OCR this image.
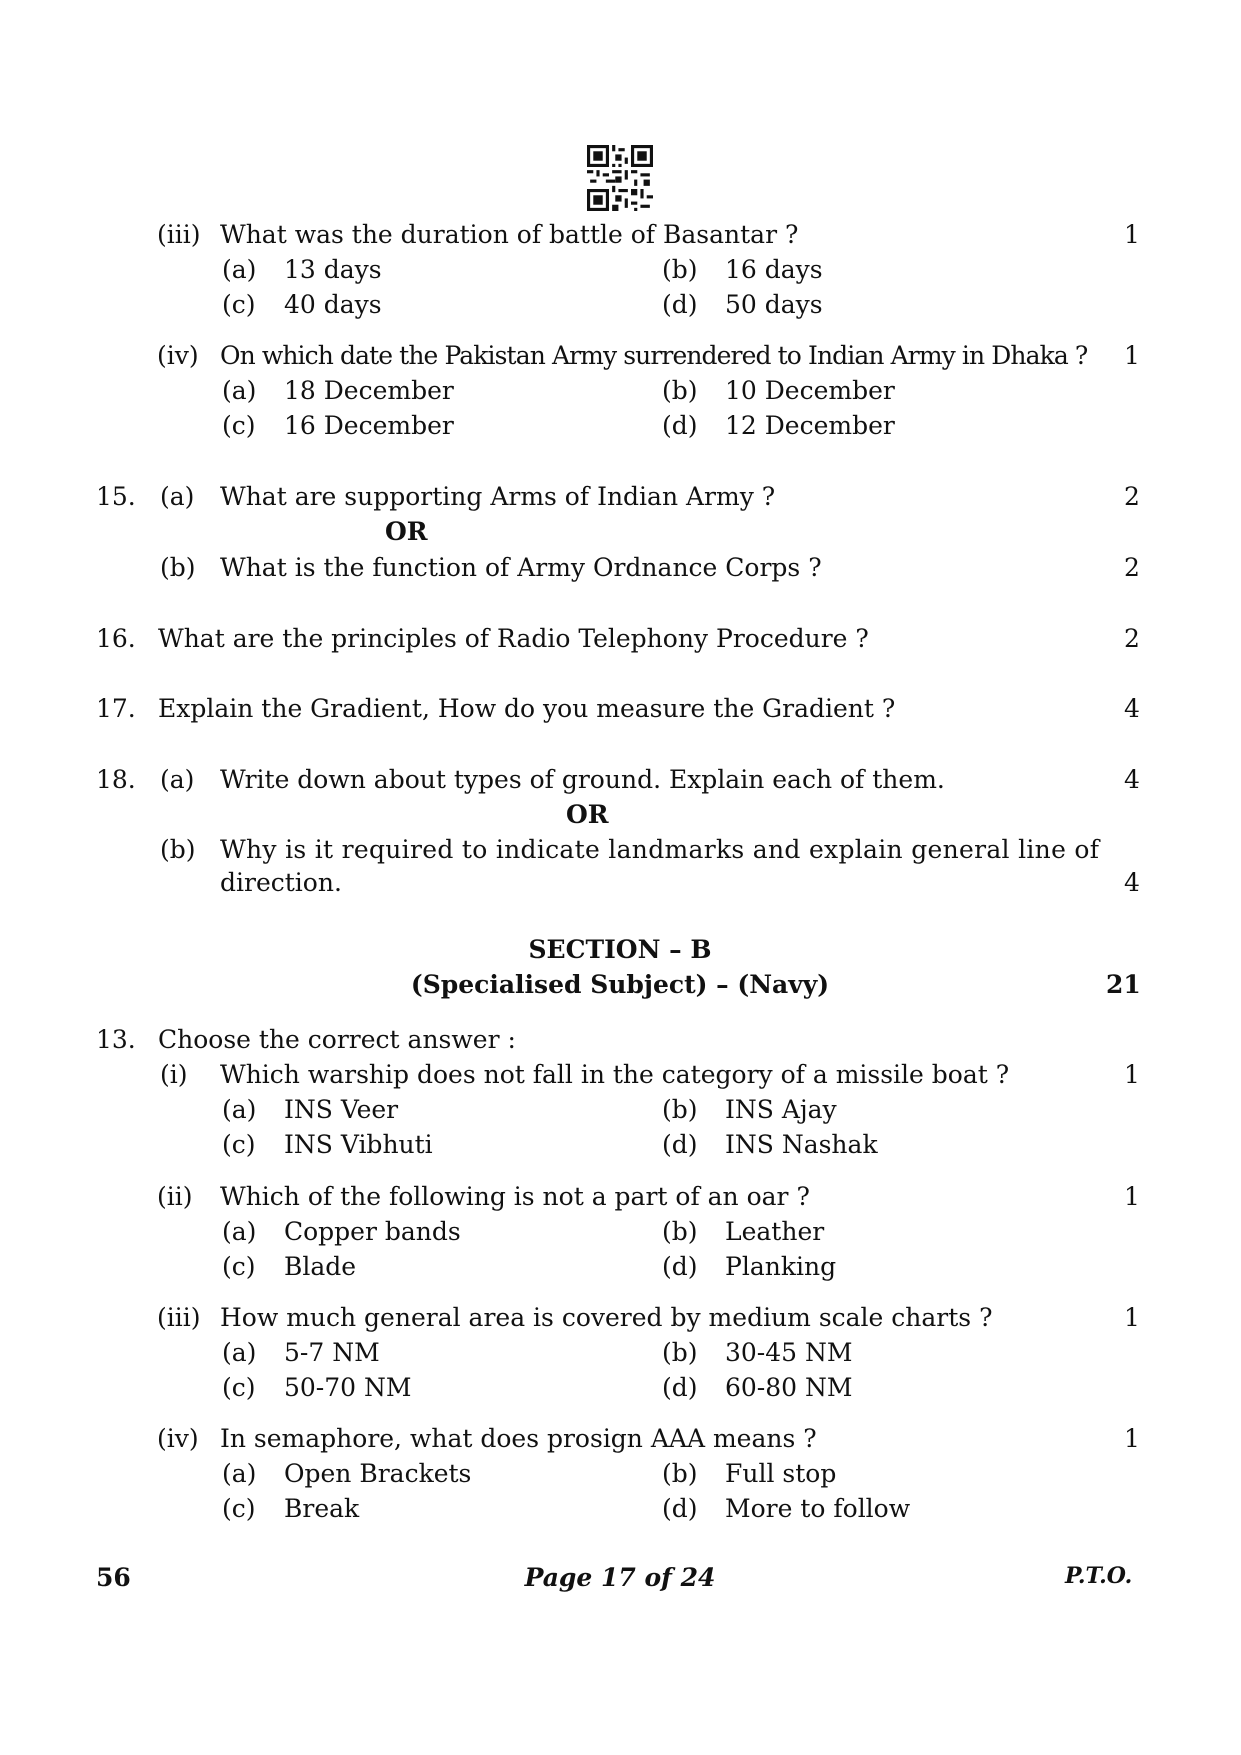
(iii) What was the duration of battle of Basantar ?	1
(a) 13 days	(b) 16 days
(c) 40 days	(d) 50 days
(iv) On which date the Pakistan Army surrendered to Indian Army in Dhaka ? 1
(a) 18 December	(b) 10 December
(c) 16 December	(d) 12 December
15. (a) What are supporting Arms of Indian Army ?	2
OR
(b) What is the function of Army Ordnance Corps ?	2
16. What are the principles of Radio Telephony Procedure ?	2
17. Explain the Gradient, How do you measure the Gradient ?	4
18. (a) Write down about types of ground. Explain each of them.	4
OR
(b) Why is it required to indicate landmarks and explain general line of
direction.	4
SECTION – B
(Specialised Subject) – (Navy)	21
13. Choose the correct answer :
(i) Which warship does not fall in the category of a missile boat ?	1
(a) INS Veer	(b) INS Ajay
(c) INS Vibhuti	(d) INS Nashak
(ii) Which of the following is not a part of an oar ?	1
(a) Copper bands	(b) Leather
(c) Blade	(d) Planking
(iii) How much general area is covered by medium scale charts ?	1
(a) 5-7 NM	(b) 30-45 NM
(c) 50-70 NM	(d) 60-80 NM
(iv) In semaphore, what does prosign AAA means ?	1
(a) Open Brackets	(b) Full stop
(c) Break	(d) More to follow
56	Page 17 of 24	P.T.O.
